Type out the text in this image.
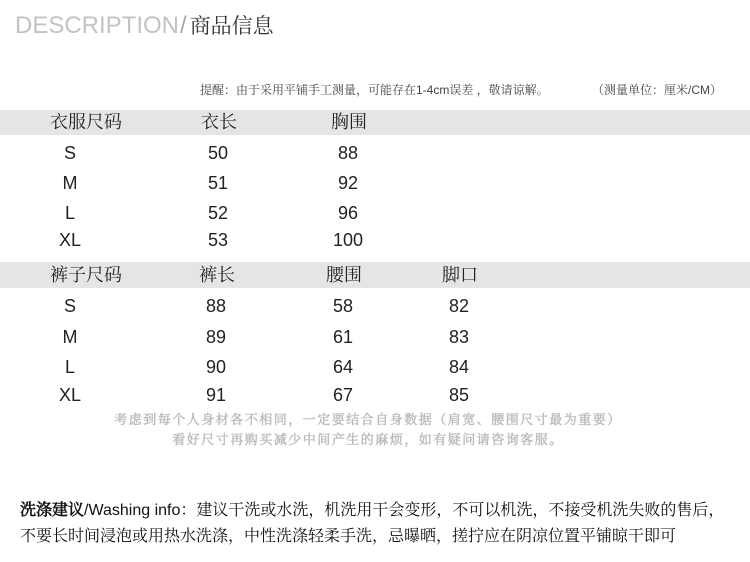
DESCRIPTION/ 商品信息
提醒：由于采用平铺手工测量，可能存在1-4cm误差 ，敬请谅解。	（测量单位：厘米/CM）
衣服尺码	衣长	胸围
S	50	88
M	51	92
L	52	96
XL	53	100
裤子尺码	裤长	腰围	脚口
S	88	58	82
M	89	61	83
L	90	64	84
XL	91	67	85
考虑到每个人身材各不相同，一定要结合自身数据（肩宽、腰围尺寸最为重要）
看好尺寸再购买减少中间产生的麻烦，如有疑问请咨询客服。
洗涤建议/Washing info：建议干洗或水洗，机洗用干会变形，不可以机洗，不接受机洗失败的售后，
不要长时间浸泡或用热水洗涤，中性洗涤轻柔手洗，忌曝晒，搓拧应在阴凉位置平铺晾干即可
